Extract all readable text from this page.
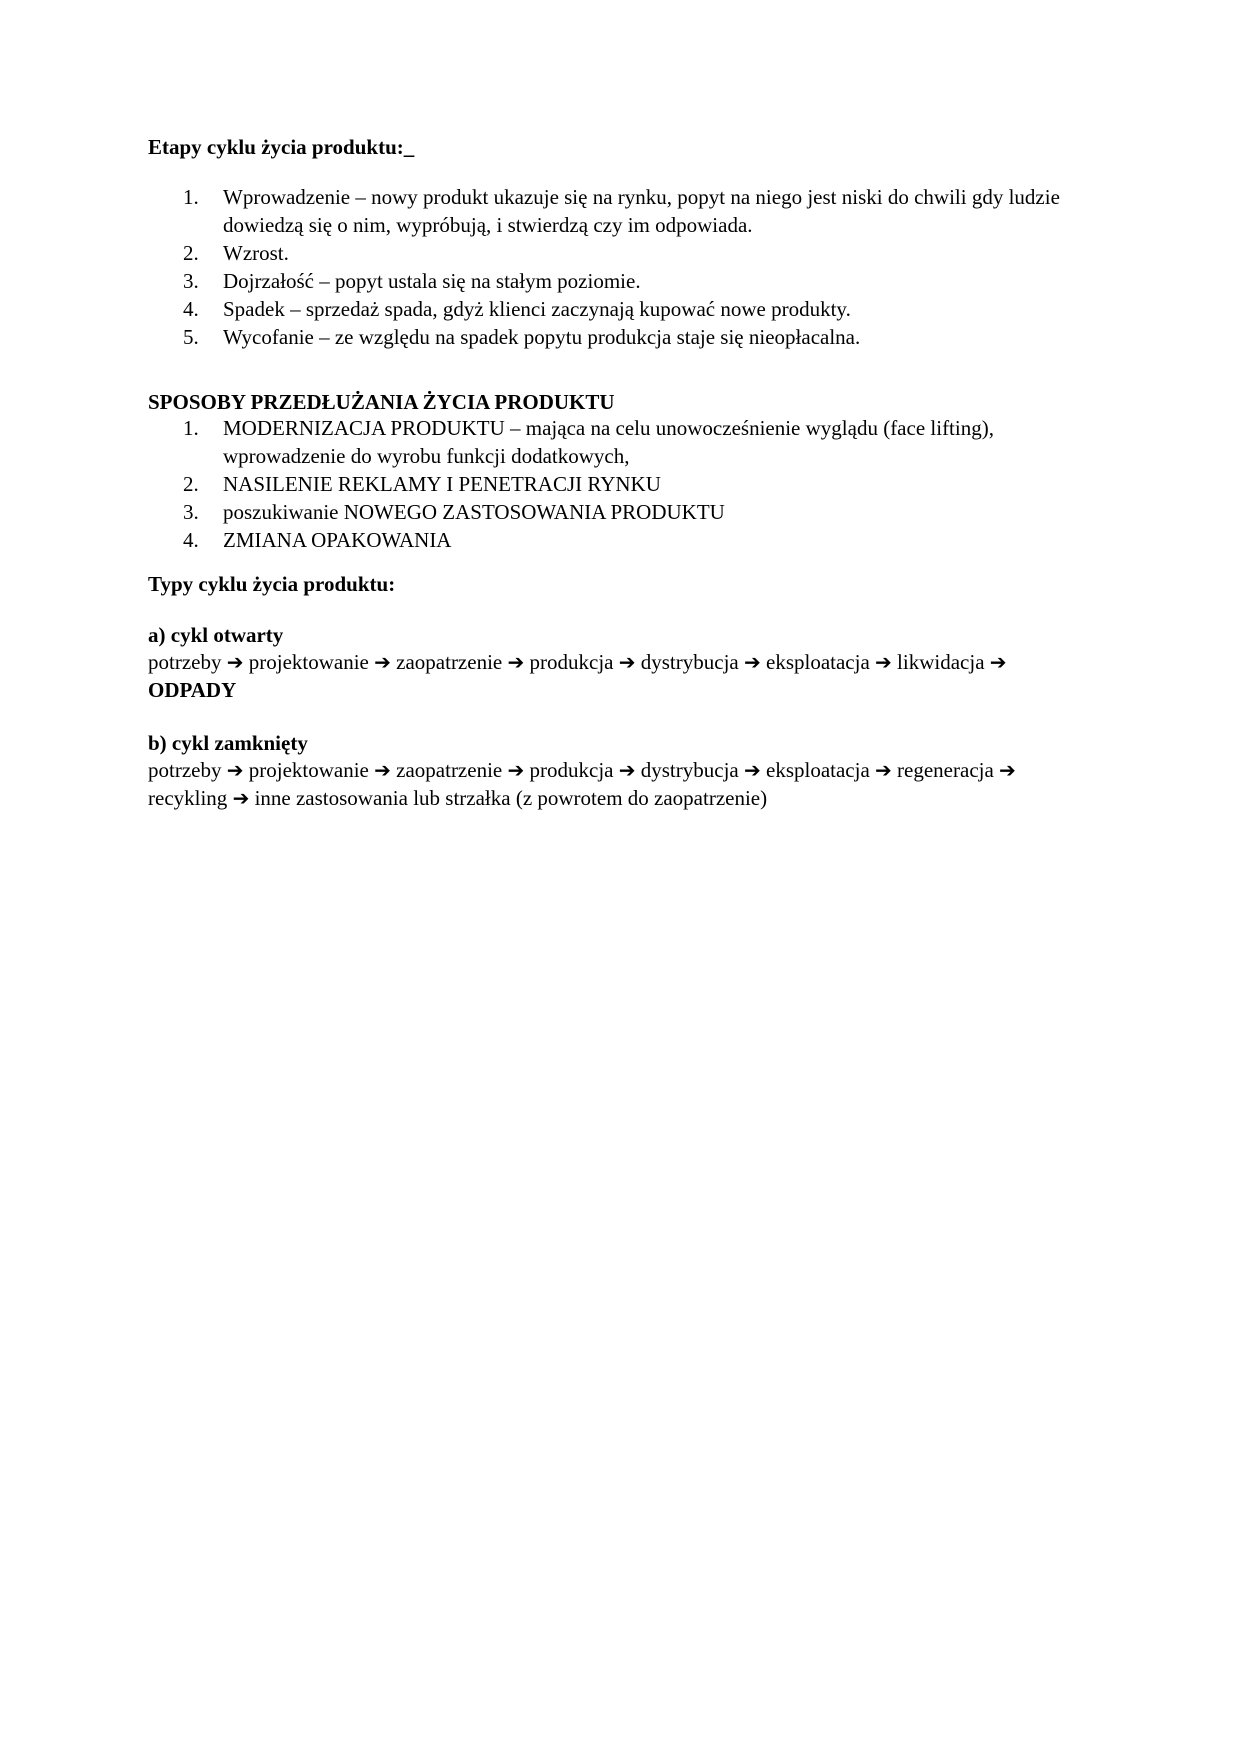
Etapy cyklu życia produktu:_
1. Wprowadzenie – nowy produkt ukazuje się na rynku, popyt na niego jest niski do chwili gdy ludzie dowiedzą się o nim, wypróbują, i stwierdzą czy im odpowiada.
2. Wzrost.
3. Dojrzałość – popyt ustala się na stałym poziomie.
4. Spadek – sprzedaż spada, gdyż klienci zaczynają kupować nowe produkty.
5. Wycofanie – ze względu na spadek popytu produkcja staje się nieopłacalna.
SPOSOBY PRZEDŁUŻANIA ŻYCIA PRODUKTU
1. MODERNIZACJA PRODUKTU – mająca na celu unowocześnienie wyglądu (face lifting), wprowadzenie do wyrobu funkcji dodatkowych,
2. NASILENIE REKLAMY I PENETRACJI RYNKU
3. poszukiwanie NOWEGO ZASTOSOWANIA PRODUKTU
4. ZMIANA OPAKOWANIA
Typy cyklu życia produktu:
a) cykl otwarty
potrzeby ➔ projektowanie ➔ zaopatrzenie ➔ produkcja ➔ dystrybucja ➔ eksploatacja ➔ likwidacja ➔ ODPADY
b) cykl zamknięty
potrzeby ➔ projektowanie ➔ zaopatrzenie ➔ produkcja ➔ dystrybucja ➔ eksploatacja ➔ regeneracja ➔ recykling ➔ inne zastosowania lub strzałka (z powrotem do zaopatrzenie)
